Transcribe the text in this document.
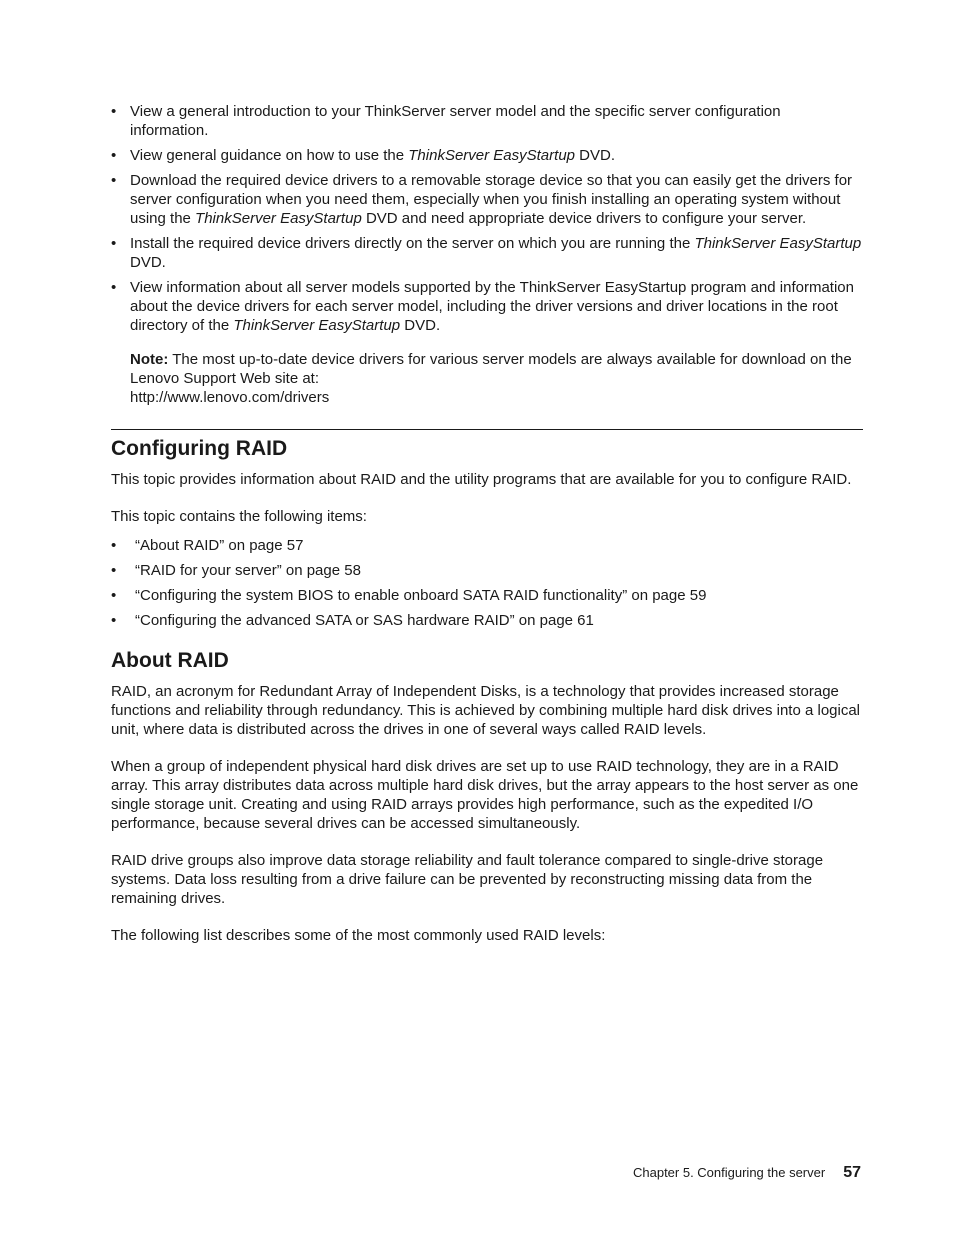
• View a general introduction to your ThinkServer server model and the specific server configuration information.
• View general guidance on how to use the ThinkServer EasyStartup DVD.
• Download the required device drivers to a removable storage device so that you can easily get the drivers for server configuration when you need them, especially when you finish installing an operating system without using the ThinkServer EasyStartup DVD and need appropriate device drivers to configure your server.
• Install the required device drivers directly on the server on which you are running the ThinkServer EasyStartup DVD.
• View information about all server models supported by the ThinkServer EasyStartup program and information about the device drivers for each server model, including the driver versions and driver locations in the root directory of the ThinkServer EasyStartup DVD.
Note: The most up-to-date device drivers for various server models are always available for download on the Lenovo Support Web site at:
http://www.lenovo.com/drivers
Configuring RAID

This topic provides information about RAID and the utility programs that are available for you to configure RAID.

This topic contains the following items:

• “About RAID” on page 57
• “RAID for your server” on page 58
• “Configuring the system BIOS to enable onboard SATA RAID functionality” on page 59
• “Configuring the advanced SATA or SAS hardware RAID” on page 61
About RAID

RAID, an acronym for Redundant Array of Independent Disks, is a technology that provides increased storage functions and reliability through redundancy. This is achieved by combining multiple hard disk drives into a logical unit, where data is distributed across the drives in one of several ways called RAID levels.

When a group of independent physical hard disk drives are set up to use RAID technology, they are in a RAID array. This array distributes data across multiple hard disk drives, but the array appears to the host server as one single storage unit. Creating and using RAID arrays provides high performance, such as the expedited I/O performance, because several drives can be accessed simultaneously.

RAID drive groups also improve data storage reliability and fault tolerance compared to single-drive storage systems. Data loss resulting from a drive failure can be prevented by reconstructing missing data from the remaining drives.

The following list describes some of the most commonly used RAID levels:

Chapter 5. Configuring the server 57
